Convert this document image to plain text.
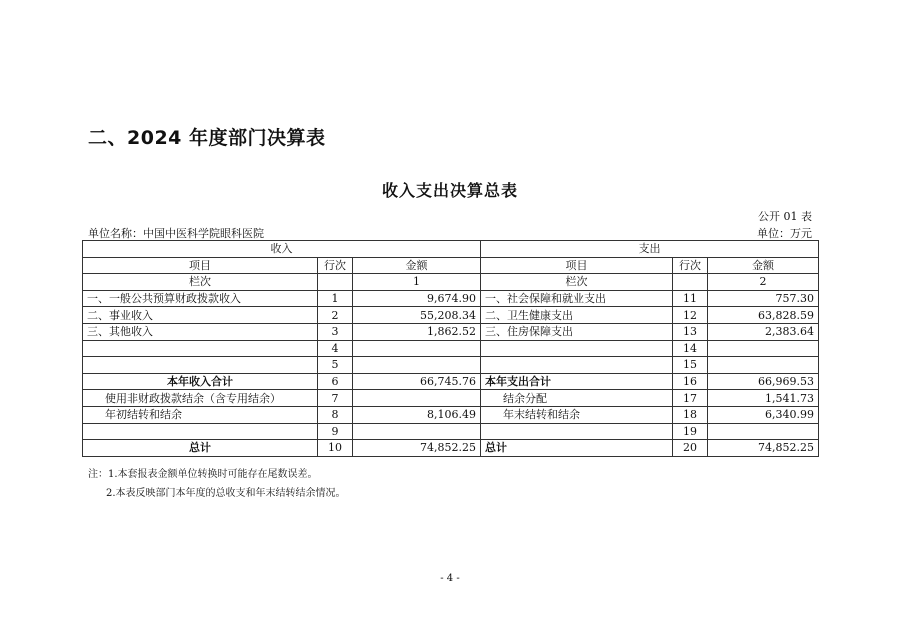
二、2024 年度部门决算表
收入支出决算总表
公开 01 表
单位名称：中国中医科学院眼科医院	单位：万元
收入			支出		
项目	行次	金额	项目	行次	金额
栏次		1	栏次		2
一、一般公共预算财政拨款收入	1	9,674.90	一、社会保障和就业支出	11	757.30
二、事业收入	2	55,208.34	二、卫生健康支出	12	63,828.59
三、其他收入	3	1,862.52	三、住房保障支出	13	2,383.64
	4			14	
	5			15	
本年收入合计	6	66,745.76	本年支出合计	16	66,969.53
使用非财政拨款结余（含专用结余）	7		结余分配	17	1,541.73
年初结转和结余	8	8,106.49	年末结转和结余	18	6,340.99
	9			19	
总计	10	74,852.25	总计	20	74,852.25
注：1.本套报表金额单位转换时可能存在尾数误差。
2.本表反映部门本年度的总收支和年末结转结余情况。
- 4 -
